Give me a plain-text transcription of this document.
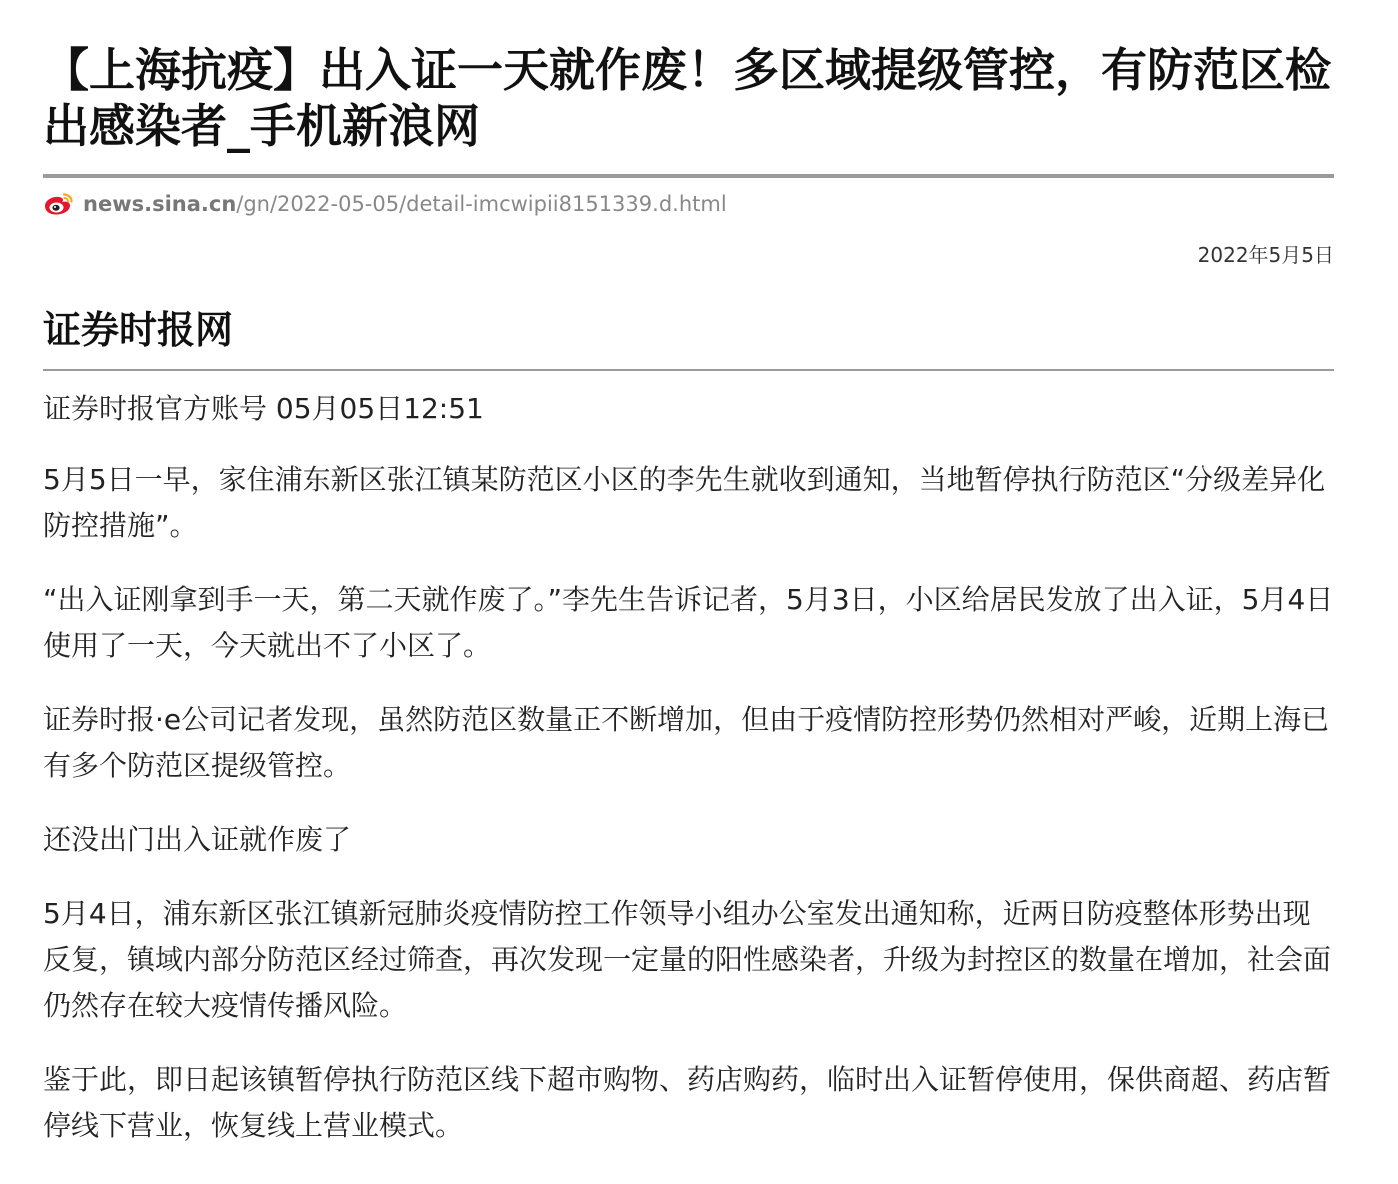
【上海抗疫】出入证一天就作废！多区域提级管控，有防范区检出感染者_手机新浪网
news.sina.cn /gn/2022-05-05/detail-imcwipii8151339.d.html
2022年5月5日
证券时报网

证券时报官方账号 05月05日12:51

5月5日一早，家住浦东新区张江镇某防范区小区的李先生就收到通知，当地暂停执行防范区“分级差异化防控措施”。

“出入证刚拿到手一天，第二天就作废了。”李先生告诉记者，5月3日，小区给居民发放了出入证，5月4日使用了一天，今天就出不了小区了。

证券时报·e公司记者发现，虽然防范区数量正不断增加，但由于疫情防控形势仍然相对严峻，近期上海已有多个防范区提级管控。

还没出门出入证就作废了

5月4日，浦东新区张江镇新冠肺炎疫情防控工作领导小组办公室发出通知称，近两日防疫整体形势出现反复，镇域内部分防范区经过筛查，再次发现一定量的阳性感染者，升级为封控区的数量在增加，社会面仍然存在较大疫情传播风险。

鉴于此，即日起该镇暂停执行防范区线下超市购物、药店购药，临时出入证暂停使用，保供商超、药店暂停线下营业，恢复线上营业模式。
